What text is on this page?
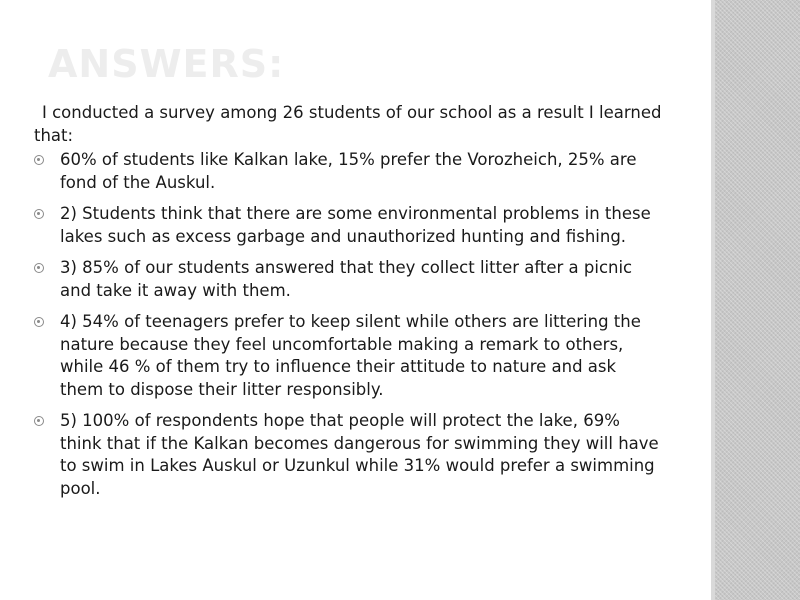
ANSWERS:

I conducted a survey among 26 students of our school as a result I learned that:

60% of students like Kalkan lake, 15% prefer the Vorozheich, 25% are fond of the Auskul.
2) Students think that there are some environmental problems in these lakes such as excess garbage and unauthorized hunting and fishing.
3) 85% of our students answered that they collect litter after a picnic and take it away with them.
4) 54% of teenagers prefer to keep silent while others are littering the nature because they feel uncomfortable making a remark to others, while 46 % of them try to influence their attitude to nature and ask them to dispose their litter responsibly.
5) 100% of respondents hope that people will protect the lake, 69% think that if the Kalkan becomes dangerous for swimming they will have to swim in Lakes Auskul or Uzunkul while 31% would prefer a swimming pool.
